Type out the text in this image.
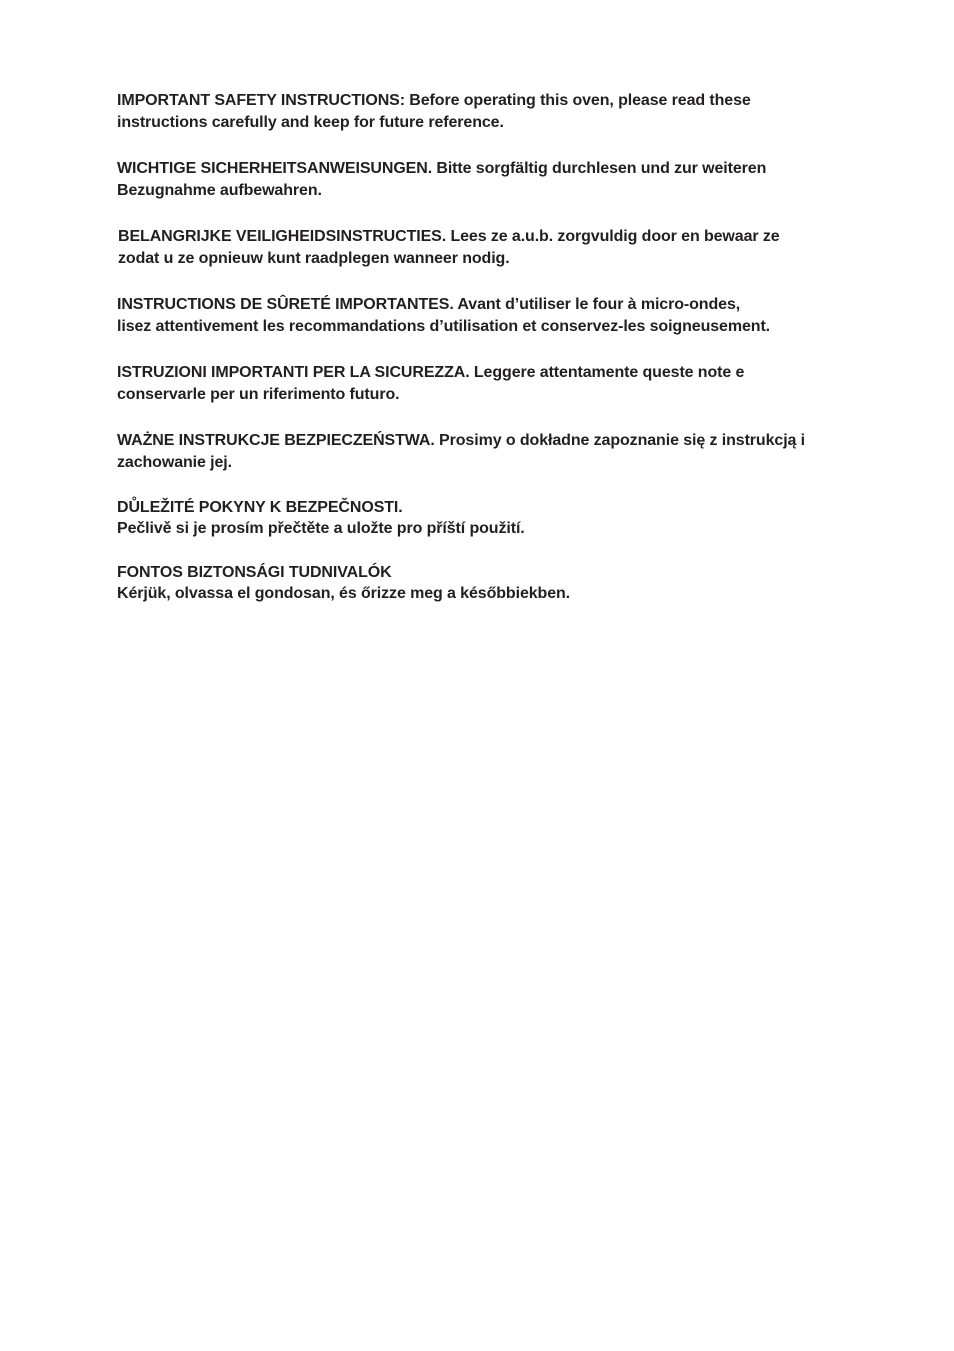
IMPORTANT SAFETY INSTRUCTIONS: Before operating this oven, please read these
instructions carefully and keep for future reference.

WICHTIGE SICHERHEITSANWEISUNGEN. Bitte sorgfältig durchlesen und zur weiteren
Bezugnahme aufbewahren.

BELANGRIJKE VEILIGHEIDSINSTRUCTIES. Lees ze a.u.b. zorgvuldig door en bewaar ze
zodat u ze opnieuw kunt raadplegen wanneer nodig.

INSTRUCTIONS DE SÛRETÉ IMPORTANTES. Avant d’utiliser le four à micro-ondes,
lisez attentivement les recommandations d’utilisation et conservez-les soigneusement.

ISTRUZIONI IMPORTANTI PER LA SICUREZZA. Leggere attentamente queste note e
conservarle per un riferimento futuro.

WAŻNE INSTRUKCJE BEZPIECZEŃSTWA. Prosimy o dokładne zapoznanie się z instrukcją i
zachowanie jej.

DŮLEŽITÉ POKYNY K BEZPEČNOSTI.
Pečlivě si je prosím přečtěte a uložte pro příští použití.

FONTOS BIZTONSÁGI TUDNIVALÓK
Kérjük, olvassa el gondosan, és őrizze meg a későbbiekben.
